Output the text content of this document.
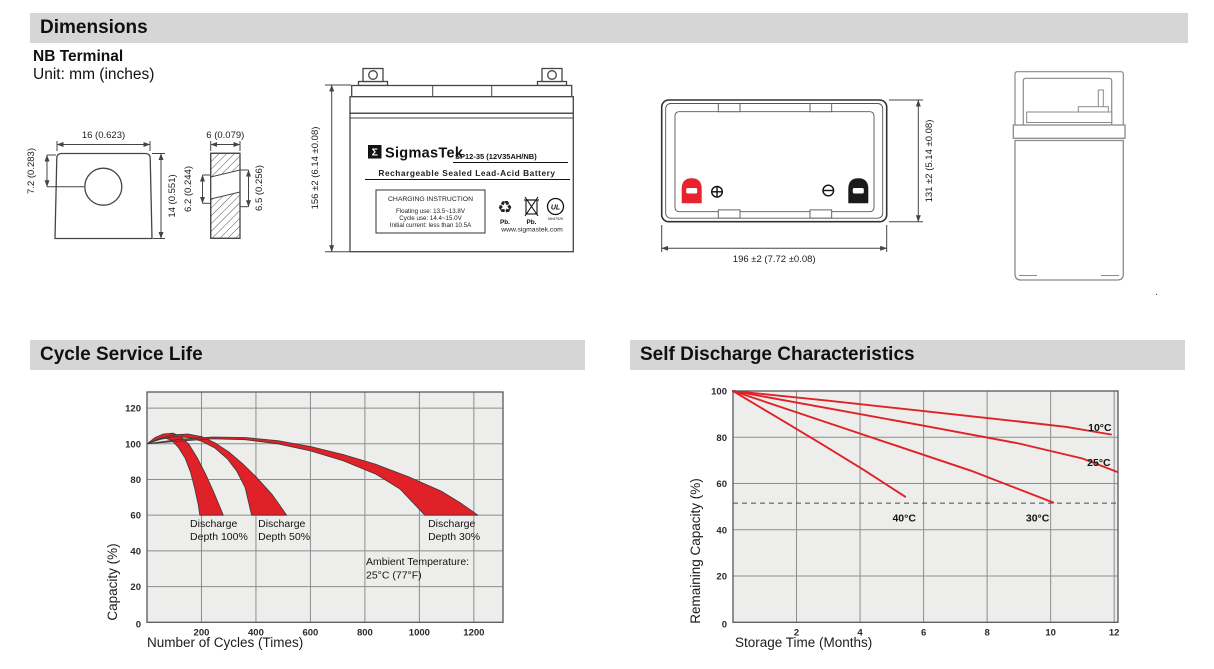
Dimensions
NB Terminal
Unit: mm (inches)
.
16 (0.623)
7.2 (0.283)
14 (0.551)
6 (0.079)
6.2 (0.244)	6.5 (0.256)	156 ±2 (6.14 ±0.08)	Σ SigmasTek
SP12-35 (12V35AH/NB)
Rechargeable Sealed Lead-Acid Battery
CHARGING INSTRUCTION
Floating use: 13.5~13.8V
Cycle use: 14.4~15.0V
Initial current: less than 10.5A
♻
Pb.	Pb.
UL
MH47929
www.sigmastek.com
131 ±2 (5.14 ±0.08)
196 ±2 (7.72 ±0.08)
Cycle Service Life	Self Discharge Characteristics
Capacity (%)
Number of Cycles (Times)
200	400	600	800	1000	1200
0
20
40
60
80
100
120
Discharge
Depth 100%
Discharge
Depth 50%
Discharge
Depth 30%
Ambient Temperature:
25°C (77°F)	Remaining Capacity (%)
Storage Time (Months)
10°C
25°C
30°C
40°C
2	4	6	8	10	12
0
20
40
60
80
100
